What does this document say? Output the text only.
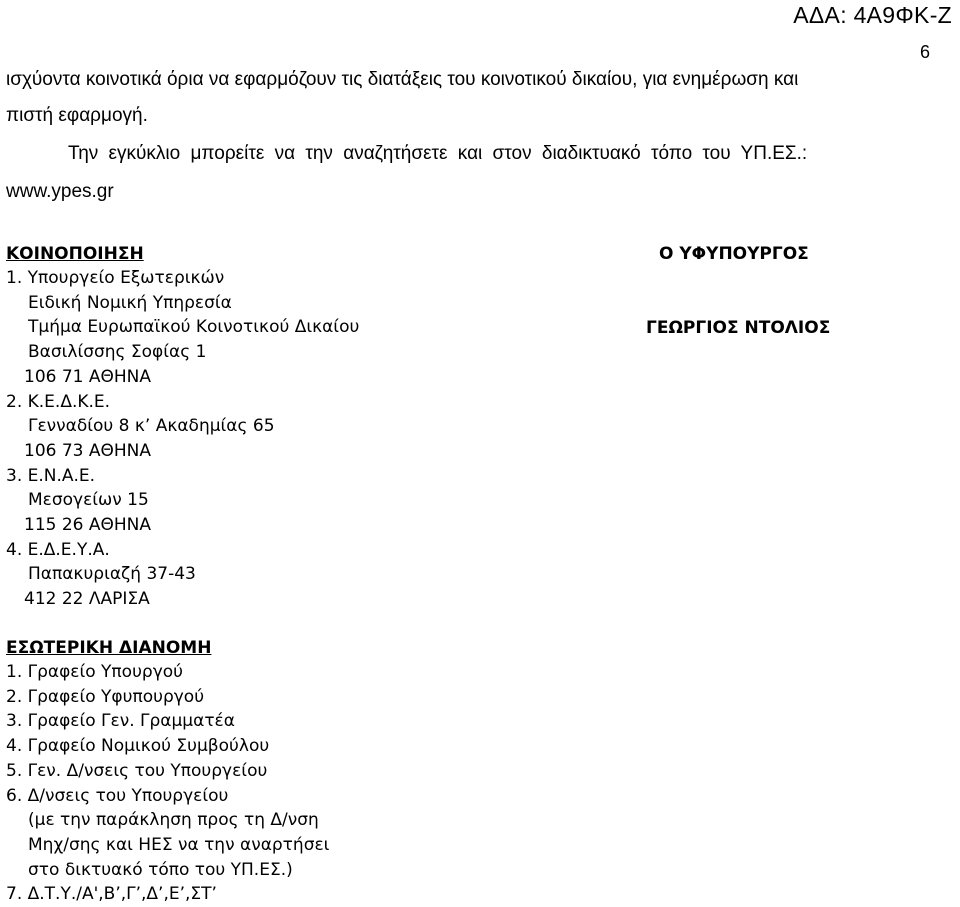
ΑΔΑ: 4Α9ΦΚ-Ζ
6
ισχύοντα κοινοτικά όρια να εφαρμόζουν τις διατάξεις του κοινοτικού δικαίου, για ενημέρωση και
πιστή εφαρμογή.
Την εγκύκλιο μπορείτε να την αναζητήσετε και στον διαδικτυακό τόπο του ΥΠ.ΕΣ.:
www.ypes.gr
ΚΟΙΝΟΠΟΙΗΣΗ
1. Υπουργείο Εξωτερικών
Ειδική Νομική Υπηρεσία
Τμήμα Ευρωπαϊκού Κοινοτικού Δικαίου
Βασιλίσσης Σοφίας 1
106 71 ΑΘΗΝΑ
2. Κ.Ε.Δ.Κ.Ε.
Γενναδίου 8 κ’ Ακαδημίας 65
106 73 ΑΘΗΝΑ
3. Ε.Ν.Α.Ε.
Μεσογείων 15
115 26 ΑΘΗΝΑ
4. Ε.Δ.Ε.Υ.Α.
Παπακυριαζή 37-43
412 22 ΛΑΡΙΣΑ
Ο ΥΦΥΠΟΥΡΓΟΣ
ΓΕΩΡΓΙΟΣ ΝΤΟΛΙΟΣ
ΕΣΩΤΕΡΙΚΗ ΔΙΑΝΟΜΗ
1. Γραφείο Υπουργού
2. Γραφείο Υφυπουργού
3. Γραφείο Γεν. Γραμματέα
4. Γραφείο Νομικού Συμβούλου
5. Γεν. Δ/νσεις του Υπουργείου
6. Δ/νσεις του Υπουργείου
(με την παράκληση προς τη Δ/νση
Μηχ/σης και ΗΕΣ να την αναρτήσει
στο δικτυακό τόπο του ΥΠ.ΕΣ.)
7. Δ.Τ.Υ./Α',Β’,Γ’,Δ’,Ε’,ΣΤ’
